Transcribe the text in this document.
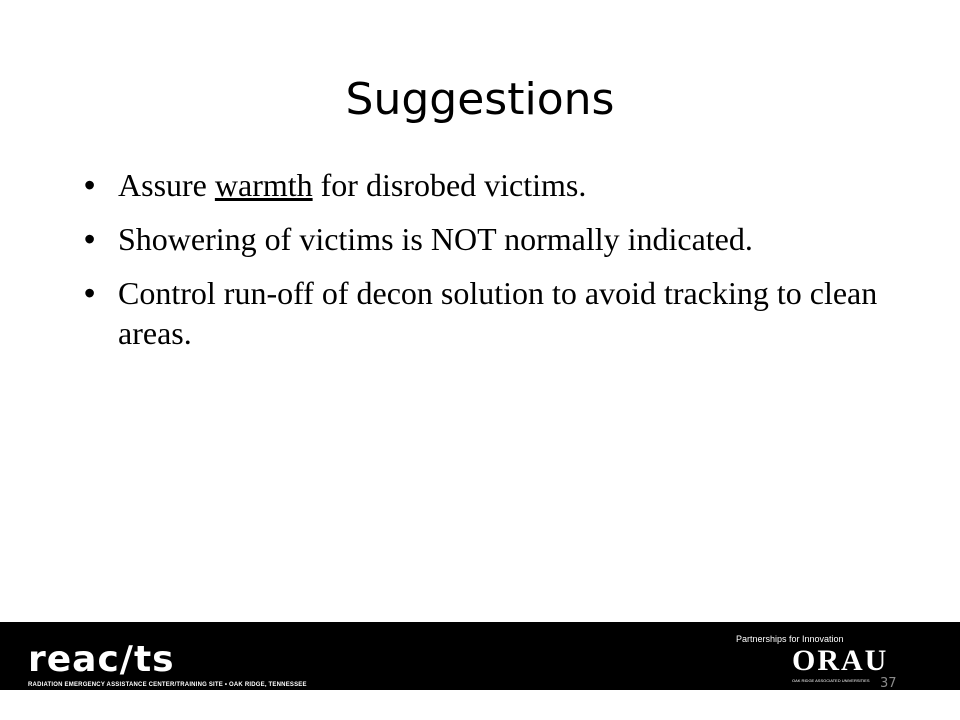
Suggestions
• Assure warmth for disrobed victims.
• Showering of victims is NOT normally indicated.
• Control run-off of decon solution to avoid tracking to clean areas.
reac/ts
RADIATION EMERGENCY ASSISTANCE CENTER/TRAINING SITE • OAK RIDGE, TENNESSEE
Partnerships for Innovation
ORAU
OAK RIDGE ASSOCIATED UNIVERSITIES 37
